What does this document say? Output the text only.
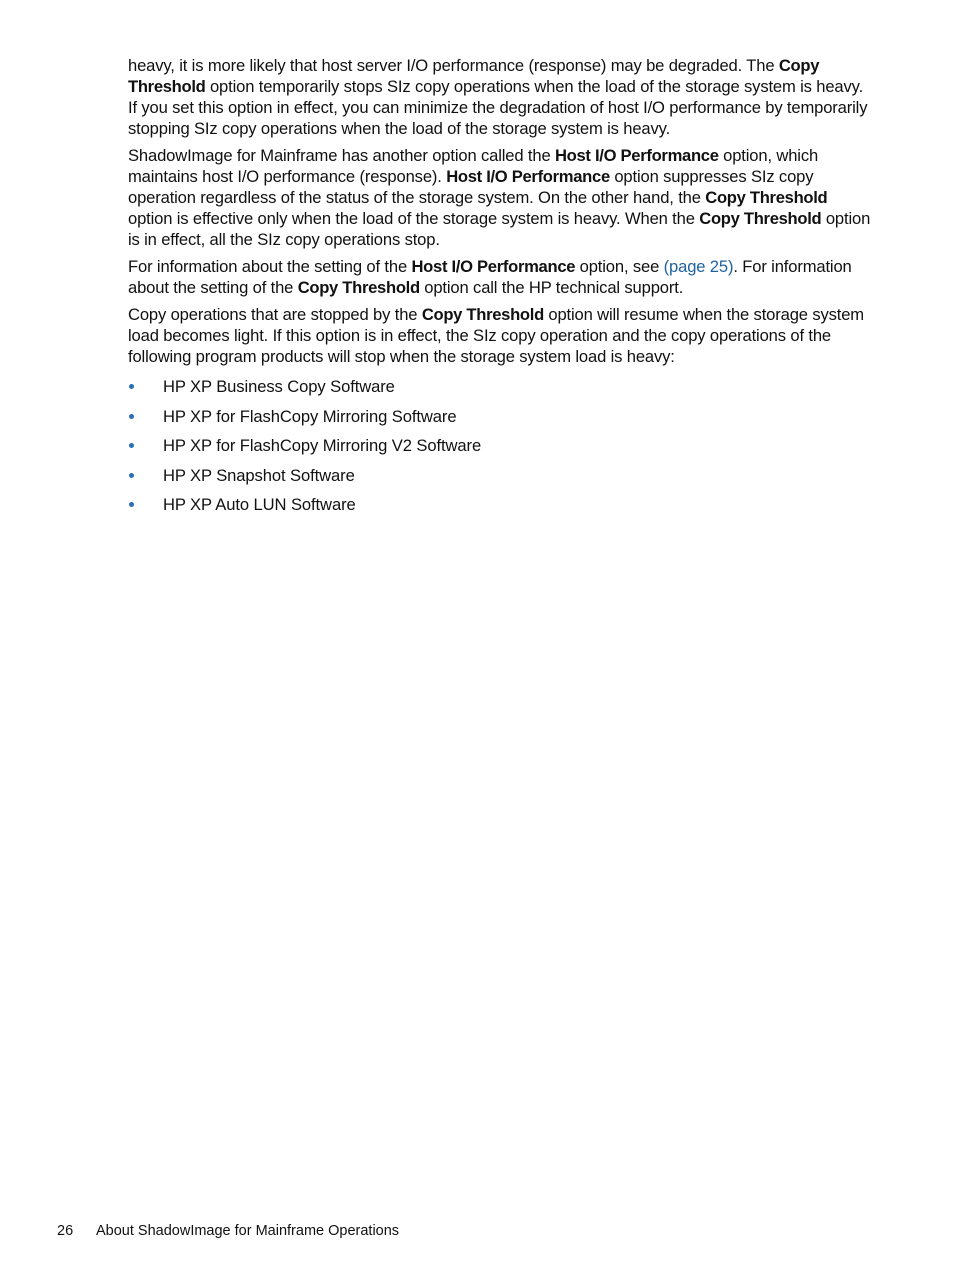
heavy, it is more likely that host server I/O performance (response) may be degraded. The Copy Threshold option temporarily stops SIz copy operations when the load of the storage system is heavy. If you set this option in effect, you can minimize the degradation of host I/O performance by temporarily stopping SIz copy operations when the load of the storage system is heavy.

ShadowImage for Mainframe has another option called the Host I/O Performance option, which maintains host I/O performance (response). Host I/O Performance option suppresses SIz copy operation regardless of the status of the storage system. On the other hand, the Copy Threshold option is effective only when the load of the storage system is heavy. When the Copy Threshold option is in effect, all the SIz copy operations stop.

For information about the setting of the Host I/O Performance option, see (page 25). For information about the setting of the Copy Threshold option call the HP technical support.

Copy operations that are stopped by the Copy Threshold option will resume when the storage system load becomes light. If this option is in effect, the SIz copy operation and the copy operations of the following program products will stop when the storage system load is heavy:

HP XP Business Copy Software
HP XP for FlashCopy Mirroring Software
HP XP for FlashCopy Mirroring V2 Software
HP XP Snapshot Software
HP XP Auto LUN Software
26 About ShadowImage for Mainframe Operations
